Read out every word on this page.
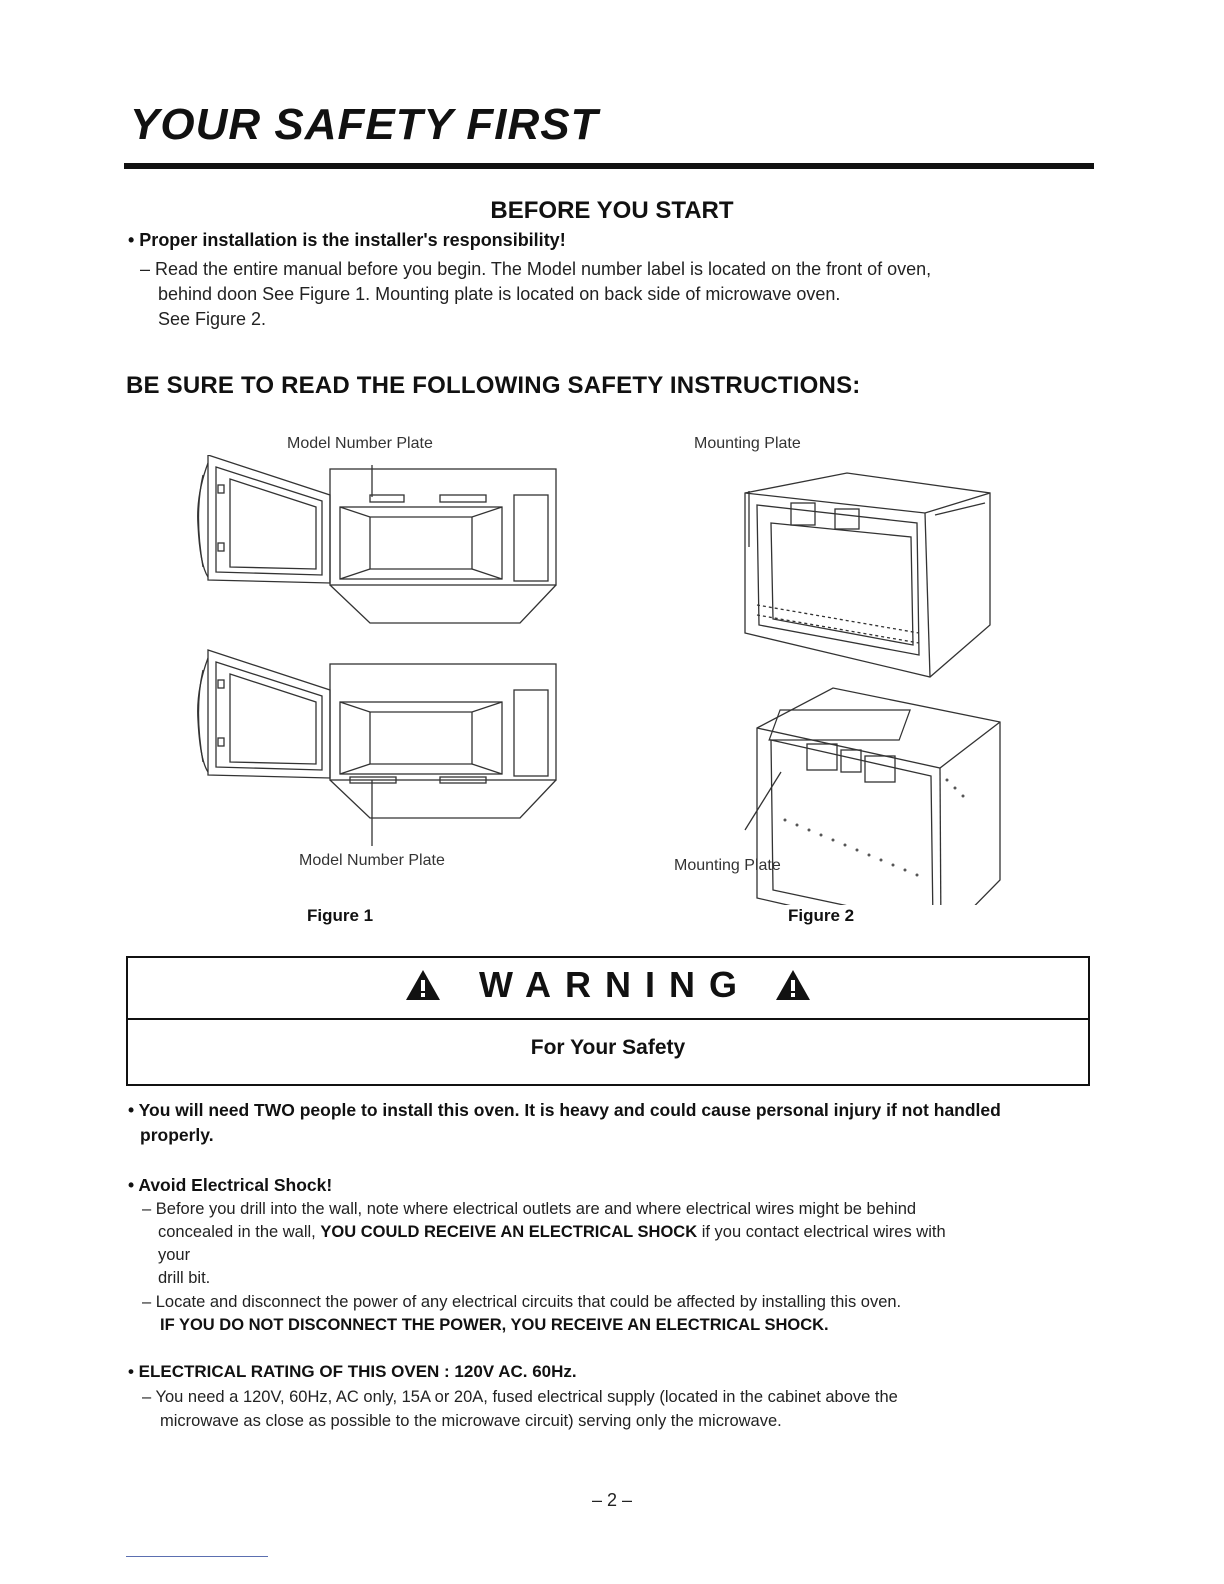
YOUR SAFETY FIRST
BEFORE YOU START
• Proper installation is the installer's responsibility!
– Read the entire manual before you begin. The Model number label is located on the front of oven,
behind doon See Figure 1. Mounting plate is located on back side of microwave oven.
See Figure 2.
BE SURE TO READ THE FOLLOWING SAFETY INSTRUCTIONS:
Model Number Plate
Model Number Plate
Figure 1
Mounting Plate
Mounting Plate
Figure 2
WARNING
For Your Safety
• You will need TWO people to install this oven. It is heavy and could cause personal injury if not handled
properly.
• Avoid Electrical Shock!
– Before you drill into the wall, note where electrical outlets are and where electrical wires might be behind
concealed in the wall, YOU COULD RECEIVE AN ELECTRICAL SHOCK if you contact electrical wires with
your
drill bit.
– Locate and disconnect the power of any electrical circuits that could be affected by installing this oven.
IF YOU DO NOT DISCONNECT THE POWER, YOU RECEIVE AN ELECTRICAL SHOCK.
• ELECTRICAL RATING OF THIS OVEN : 120V AC. 60Hz.
– You need a 120V, 60Hz, AC only, 15A or 20A, fused electrical supply (located in the cabinet above the
microwave as close as possible to the microwave circuit) serving only the microwave.
– 2 –
